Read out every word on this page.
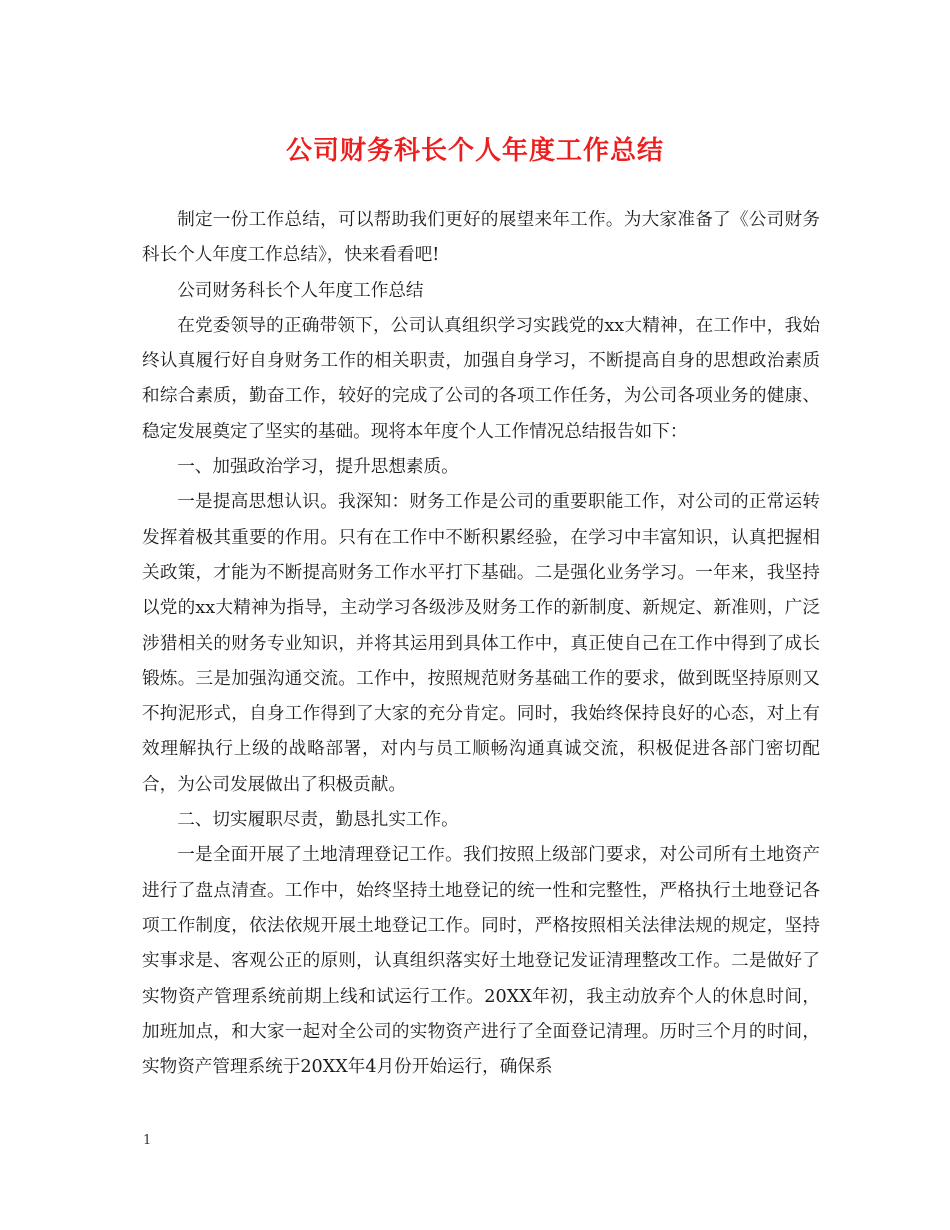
公司财务科长个人年度工作总结

制定一份工作总结，可以帮助我们更好的展望来年工作。为大家准备了《公司财务科长个人年度工作总结》，快来看看吧!

公司财务科长个人年度工作总结

在党委领导的正确带领下，公司认真组织学习实践党的xx大精神，在工作中，我始终认真履行好自身财务工作的相关职责，加强自身学习，不断提高自身的思想政治素质和综合素质，勤奋工作，较好的完成了公司的各项工作任务，为公司各项业务的健康、稳定发展奠定了坚实的基础。现将本年度个人工作情况总结报告如下：

一、加强政治学习，提升思想素质。

一是提高思想认识。我深知：财务工作是公司的重要职能工作，对公司的正常运转发挥着极其重要的作用。只有在工作中不断积累经验，在学习中丰富知识，认真把握相关政策，才能为不断提高财务工作水平打下基础。二是强化业务学习。一年来，我坚持以党的xx大精神为指导，主动学习各级涉及财务工作的新制度、新规定、新准则，广泛涉猎相关的财务专业知识，并将其运用到具体工作中，真正使自己在工作中得到了成长锻炼。三是加强沟通交流。工作中，按照规范财务基础工作的要求，做到既坚持原则又不拘泥形式，自身工作得到了大家的充分肯定。同时，我始终保持良好的心态，对上有效理解执行上级的战略部署，对内与员工顺畅沟通真诚交流，积极促进各部门密切配合，为公司发展做出了积极贡献。

二、切实履职尽责，勤恳扎实工作。

一是全面开展了土地清理登记工作。我们按照上级部门要求，对公司所有土地资产进行了盘点清查。工作中，始终坚持土地登记的统一性和完整性，严格执行土地登记各项工作制度，依法依规开展土地登记工作。同时，严格按照相关法律法规的规定，坚持实事求是、客观公正的原则，认真组织落实好土地登记发证清理整改工作。二是做好了实物资产管理系统前期上线和试运行工作。20XX年初，我主动放弃个人的休息时间，加班加点，和大家一起对全公司的实物资产进行了全面登记清理。历时三个月的时间，实物资产管理系统于20XX年4月份开始运行，确保系

1
